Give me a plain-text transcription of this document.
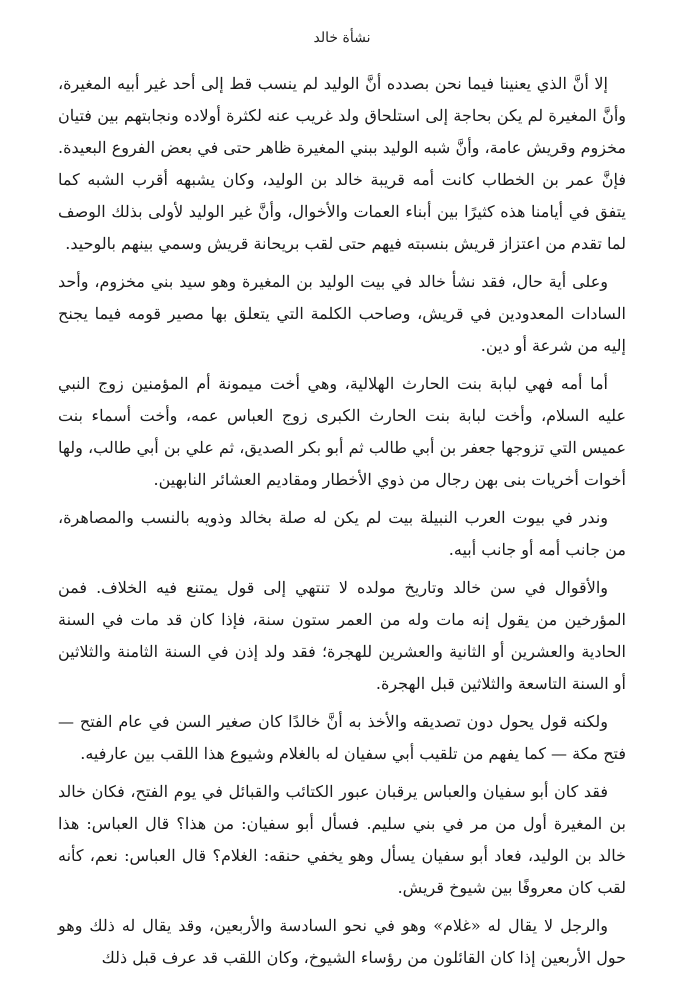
نشأة خالد

إلا أنَّ الذي يعنينا فيما نحن بصدده أنَّ الوليد لم ينسب قط إلى أحد غير أبيه المغيرة، وأنَّ المغيرة لم يكن بحاجة إلى استلحاق ولد غريب عنه لكثرة أولاده ونجابتهم بين فتيان مخزوم وقريش عامة، وأنَّ شبه الوليد ببني المغيرة ظاهر حتى في بعض الفروع البعيدة. فإنَّ عمر بن الخطاب كانت أمه قريبة خالد بن الوليد، وكان يشبهه أقرب الشبه كما يتفق في أيامنا هذه كثيرًا بين أبناء العمات والأخوال، وأنَّ غير الوليد لأولى بذلك الوصف لما تقدم من اعتزاز قريش بنسبته فيهم حتى لقب بريحانة قريش وسمي بينهم بالوحيد.

وعلى أية حال، فقد نشأ خالد في بيت الوليد بن المغيرة وهو سيد بني مخزوم، وأحد السادات المعدودين في قريش، وصاحب الكلمة التي يتعلق بها مصير قومه فيما يجنح إليه من شرعة أو دين.

أما أمه فهي لبابة بنت الحارث الهلالية، وهي أخت ميمونة أم المؤمنين زوج النبي عليه السلام، وأخت لبابة بنت الحارث الكبرى زوج العباس عمه، وأخت أسماء بنت عميس التي تزوجها جعفر بن أبي طالب ثم أبو بكر الصديق، ثم علي بن أبي طالب، ولها أخوات أخريات بنى بهن رجال من ذوي الأخطار ومقاديم العشائر النابهين.

وندر في بيوت العرب النبيلة بيت لم يكن له صلة بخالد وذويه بالنسب والمصاهرة، من جانب أمه أو جانب أبيه.

والأقوال في سن خالد وتاريخ مولده لا تنتهي إلى قول يمتنع فيه الخلاف. فمن المؤرخين من يقول إنه مات وله من العمر ستون سنة، فإذا كان قد مات في السنة الحادية والعشرين أو الثانية والعشرين للهجرة؛ فقد ولد إذن في السنة الثامنة والثلاثين أو السنة التاسعة والثلاثين قبل الهجرة.

ولكنه قول يحول دون تصديقه والأخذ به أنَّ خالدًا كان صغير السن في عام الفتح — فتح مكة — كما يفهم من تلقيب أبي سفيان له بالغلام وشيوع هذا اللقب بين عارفيه.

فقد كان أبو سفيان والعباس يرقبان عبور الكتائب والقبائل في يوم الفتح، فكان خالد بن المغيرة أول من مر في بني سليم. فسأل أبو سفيان: من هذا؟ قال العباس: هذا خالد بن الوليد، فعاد أبو سفيان يسأل وهو يخفي حنقه: الغلام؟ قال العباس: نعم، كأنه لقب كان معروفًا بين شيوخ قريش.

والرجل لا يقال له «غلام» وهو في نحو السادسة والأربعين، وقد يقال له ذلك وهو حول الأربعين إذا كان القائلون من رؤساء الشيوخ، وكان اللقب قد عرف قبل ذلك
